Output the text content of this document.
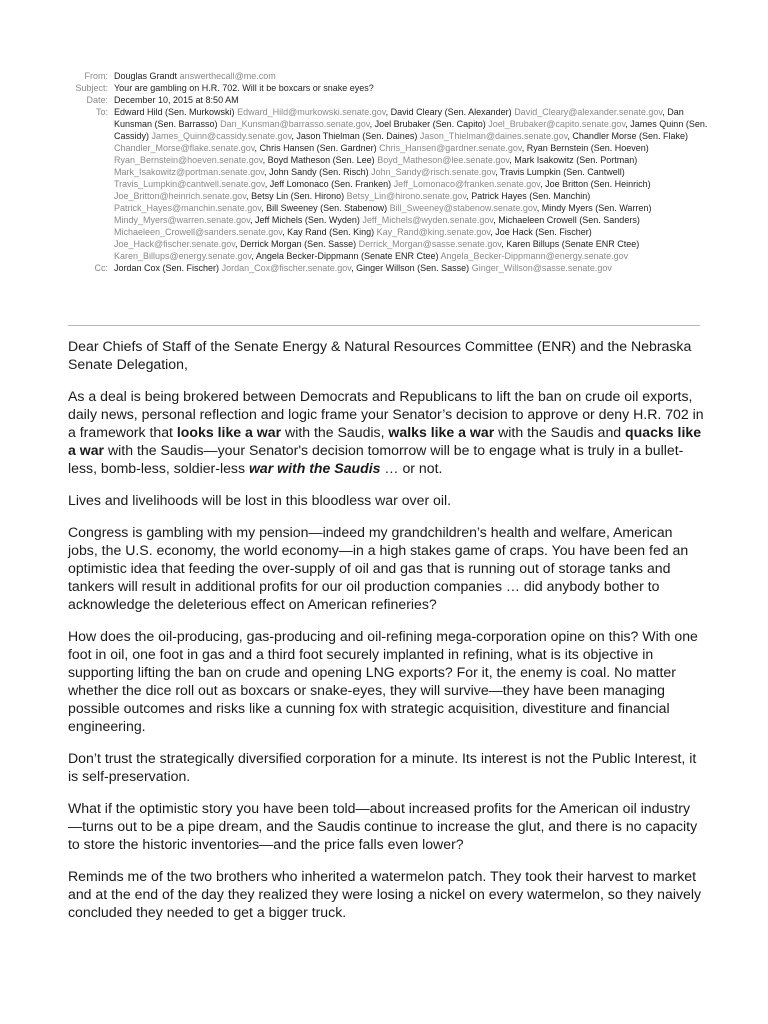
From: Douglas Grandt answerthecall@me.com
Subject: Your are gambling on H.R. 702. Will it be boxcars or snake eyes?
Date: December 10, 2015 at 8:50 AM
To: Edward Hild (Sen. Murkowski) Edward_Hild@murkowski.senate.gov, David Cleary (Sen. Alexander) David_Cleary@alexander.senate.gov, Dan Kunsman (Sen. Barrasso) Dan_Kunsman@barrasso.senate.gov, Joel Brubaker (Sen. Capito) Joel_Brubaker@capito.senate.gov, James Quinn (Sen. Cassidy) James_Quinn@cassidy.senate.gov, Jason Thielman (Sen. Daines) Jason_Thielman@daines.senate.gov, Chandler Morse (Sen. Flake) Chandler_Morse@flake.senate.gov, Chris Hansen (Sen. Gardner) Chris_Hansen@gardner.senate.gov, Ryan Bernstein (Sen. Hoeven) Ryan_Bernstein@hoeven.senate.gov, Boyd Matheson (Sen. Lee) Boyd_Matheson@lee.senate.gov, Mark Isakowitz (Sen. Portman) Mark_Isakowitz@portman.senate.gov, John Sandy (Sen. Risch) John_Sandy@risch.senate.gov, Travis Lumpkin (Sen. Cantwell) Travis_Lumpkin@cantwell.senate.gov, Jeff Lomonaco (Sen. Franken) Jeff_Lomonaco@franken.senate.gov, Joe Britton (Sen. Heinrich) Joe_Britton@heinrich.senate.gov, Betsy Lin (Sen. Hirono) Betsy_Lin@hirono.senate.gov, Patrick Hayes (Sen. Manchin) Patrick_Hayes@manchin.senate.gov, Bill Sweeney (Sen. Stabenow) Bill_Sweeney@stabenow.senate.gov, Mindy Myers (Sen. Warren) Mindy_Myers@warren.senate.gov, Jeff Michels (Sen. Wyden) Jeff_Michels@wyden.senate.gov, Michaeleen Crowell (Sen. Sanders) Michaeleen_Crowell@sanders.senate.gov, Kay Rand (Sen. King) Kay_Rand@king.senate.gov, Joe Hack (Sen. Fischer) Joe_Hack@fischer.senate.gov, Derrick Morgan (Sen. Sasse) Derrick_Morgan@sasse.senate.gov, Karen Billups (Senate ENR Ctee) Karen_Billups@energy.senate.gov, Angela Becker-Dippmann (Senate ENR Ctee) Angela_Becker-Dippmann@energy.senate.gov
Cc: Jordan Cox (Sen. Fischer) Jordan_Cox@fischer.senate.gov, Ginger Willson (Sen. Sasse) Ginger_Willson@sasse.senate.gov

Dear Chiefs of Staff of the Senate Energy & Natural Resources Committee (ENR) and the Nebraska Senate Delegation,

As a deal is being brokered between Democrats and Republicans to lift the ban on crude oil exports, daily news, personal reflection and logic frame your Senator’s decision to approve or deny H.R. 702 in a framework that looks like a war with the Saudis, walks like a war with the Saudis and quacks like a war with the Saudis—your Senator's decision tomorrow will be to engage what is truly in a bullet-less, bomb-less, soldier-less war with the Saudis … or not.

Lives and livelihoods will be lost in this bloodless war over oil.

Congress is gambling with my pension—indeed my grandchildren’s health and welfare, American jobs, the U.S. economy, the world economy—in a high stakes game of craps. You have been fed an optimistic idea that feeding the over-supply of oil and gas that is running out of storage tanks and tankers will result in additional profits for our oil production companies … did anybody bother to acknowledge the deleterious effect on American refineries?

How does the oil-producing, gas-producing and oil-refining mega-corporation opine on this? With one foot in oil, one foot in gas and a third foot securely implanted in refining, what is its objective in supporting lifting the ban on crude and opening LNG exports? For it, the enemy is coal. No matter whether the dice roll out as boxcars or snake-eyes, they will survive—they have been managing possible outcomes and risks like a cunning fox with strategic acquisition, divestiture and financial engineering.

Don’t trust the strategically diversified corporation for a minute. Its interest is not the Public Interest, it is self-preservation.

What if the optimistic story you have been told—about increased profits for the American oil industry—turns out to be a pipe dream, and the Saudis continue to increase the glut, and there is no capacity to store the historic inventories—and the price falls even lower?

Reminds me of the two brothers who inherited a watermelon patch. They took their harvest to market and at the end of the day they realized they were losing a nickel on every watermelon, so they naively concluded they needed to get a bigger truck.
